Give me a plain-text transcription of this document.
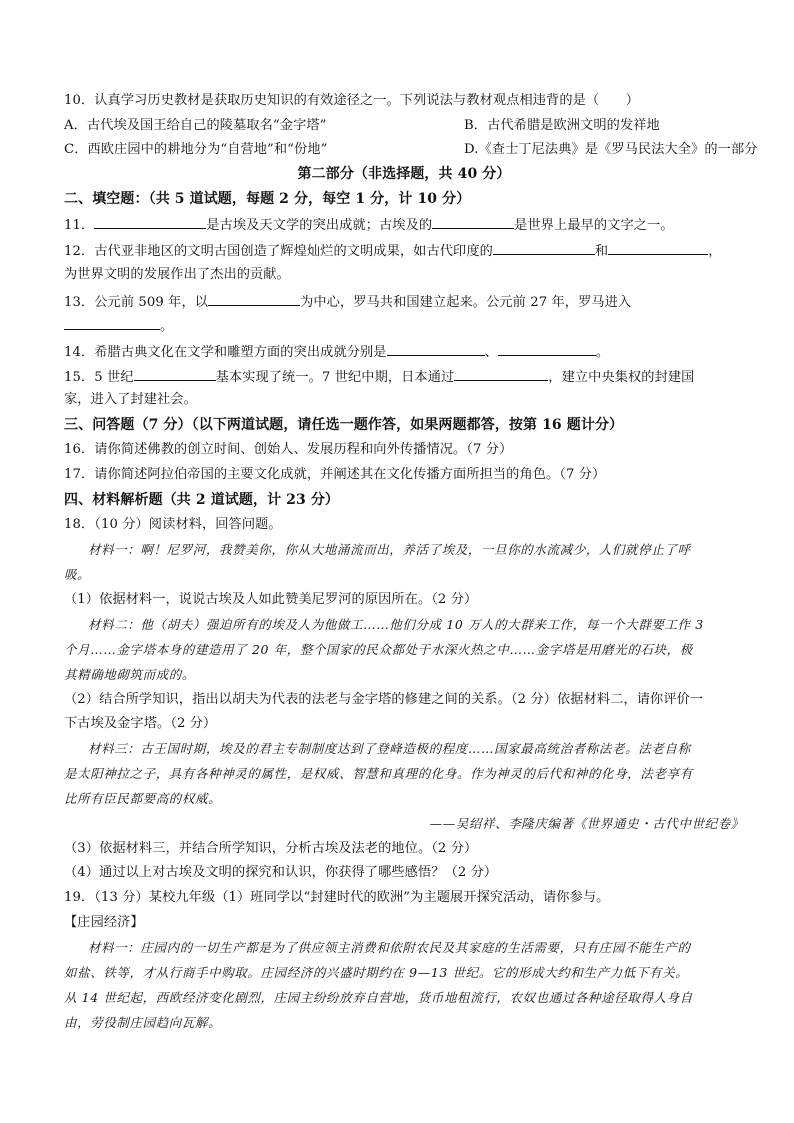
10．认真学习历史教材是获取历史知识的有效途径之一。下列说法与教材观点相违背的是（　　）
A．古代埃及国王给自己的陵墓取名“金字塔”	B．古代希腊是欧洲文明的发祥地
C．西欧庄园中的耕地分为“自营地”和“份地”	D.《查士丁尼法典》是《罗马民法大全》的一部分
第二部分（非选择题，共 40 分）
二、填空题：（共 5 道试题，每题 2 分，每空 1 分，计 10 分）
11．	是古埃及天文学的突出成就；古埃及的	是世界上最早的文字之一。
12．古代亚非地区的文明古国创造了辉煌灿烂的文明成果，如古代印度的	和	，
为世界文明的发展作出了杰出的贡献。
13．公元前 509 年，以	为中心，罗马共和国建立起来。公元前 27 年，罗马进入
。
14．希腊古典文化在文学和雕塑方面的突出成就分别是	、	。
15．5 世纪	基本实现了统一。7 世纪中期，日本通过	，建立中央集权的封建国
家，进入了封建社会。
三、问答题（7 分）（以下两道试题，请任选一题作答，如果两题都答，按第 16 题计分）
16．请你简述佛教的创立时间、创始人、发展历程和向外传播情况。（7 分）
17．请你简述阿拉伯帝国的主要文化成就，并阐述其在文化传播方面所担当的角色。（7 分）
四、材料解析题（共 2 道试题，计 23 分）
18．（10 分）阅读材料，回答问题。
材料一：啊！尼罗河，我赞美你，你从大地涌流而出，养活了埃及，一旦你的水流减少，人们就停止了呼
吸。
（1）依据材料一，说说古埃及人如此赞美尼罗河的原因所在。（2 分）
材料二：他（胡夫）强迫所有的埃及人为他做工……他们分成 10 万人的大群来工作，每一个大群要工作 3
个月……金字塔本身的建造用了 20 年，整个国家的民众都处于水深火热之中……金字塔是用磨光的石块，极
其精确地砌筑而成的。
（2）结合所学知识，指出以胡夫为代表的法老与金字塔的修建之间的关系。（2 分）依据材料二，请你评价一
下古埃及金字塔。（2 分）
材料三：古王国时期，埃及的君主专制制度达到了登峰造极的程度……国家最高统治者称法老。法老自称
是太阳神拉之子，具有各种神灵的属性，是权威、智慧和真理的化身。作为神灵的后代和神的化身，法老享有
比所有臣民都要高的权威。
——吴绍祥、李隆庆编著《世界通史・古代中世纪卷》
（3）依据材料三，并结合所学知识，分析古埃及法老的地位。（2 分）
（4）通过以上对古埃及文明的探究和认识，你获得了哪些感悟？（2 分）
19．（13 分）某校九年级（1）班同学以“封建时代的欧洲”为主题展开探究活动，请你参与。
【庄园经济】
材料一：庄园内的一切生产都是为了供应领主消费和依附农民及其家庭的生活需要，只有庄园不能生产的
如盐、铁等，才从行商手中购取。庄园经济的兴盛时期约在 9—13 世纪。它的形成大约和生产力低下有关。
从 14 世纪起，西欧经济变化剧烈，庄园主纷纷放弃自营地，货币地租流行，农奴也通过各种途径取得人身自
由，劳役制庄园趋向瓦解。
